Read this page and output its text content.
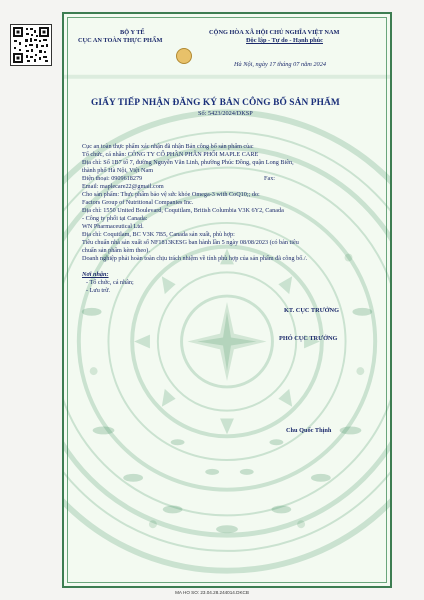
BỘ Y TẾ
CỤC AN TOÀN THỰC PHẨM
CỘNG HÒA XÃ HỘI CHỦ NGHĨA VIỆT NAM
Độc lập - Tự do - Hạnh phúc
Hà Nội, ngày 17 tháng 07 năm 2024
GIẤY TIẾP NHẬN ĐĂNG KÝ BẢN CÔNG BỐ SẢN PHẨM
Số: 5423/2024/DKSP
Cục an toàn thực phẩm xác nhận đã nhận Bản công bố sản phẩm của:
Tổ chức, cá nhân: CÔNG TY CỔ PHẦN PHÂN PHỐI MAPLE CARE
Địa chỉ: Số 1B7 tổ 7, đường Nguyễn Văn Linh, phường Phúc Đồng, quận Long Biên,
thành phố Hà Nội, Việt Nam
Điện thoại: 0909618279	Fax:
Email: maplecare22@gmail.com
Cho sản phẩm: Thực phẩm bảo vệ sức khỏe Omega-3 with CoQ10;; do:
Factors Group of Nutritional Companies Inc.
Địa chỉ: 1550 United Boulevard, Coquitlam, British Columbia V3K 6Y2, Canada
- Công ty phối tại Canada:
WN Pharmaceutical Ltd.
Địa chỉ: Coquitlam, BC V3K 7B5, Canada sản xuất, phù hợp:
Tiêu chuẩn nhà sản xuất số NF1813KESG ban hành lần 5 ngày 08/08/2023 (có bản tiêu
chuẩn sản phẩm kèm theo).
Doanh nghiệp phải hoàn toàn chịu trách nhiệm về tính phù hợp của sản phẩm đã công bố./.
Nơi nhận:
- Tổ chức, cá nhân;
- Lưu trữ.
KT. CỤC TRƯỞNG
PHÓ CỤC TRƯỞNG
Chu Quốc Thịnh
MA HO SO: 23.04.28.244014.DKCB
